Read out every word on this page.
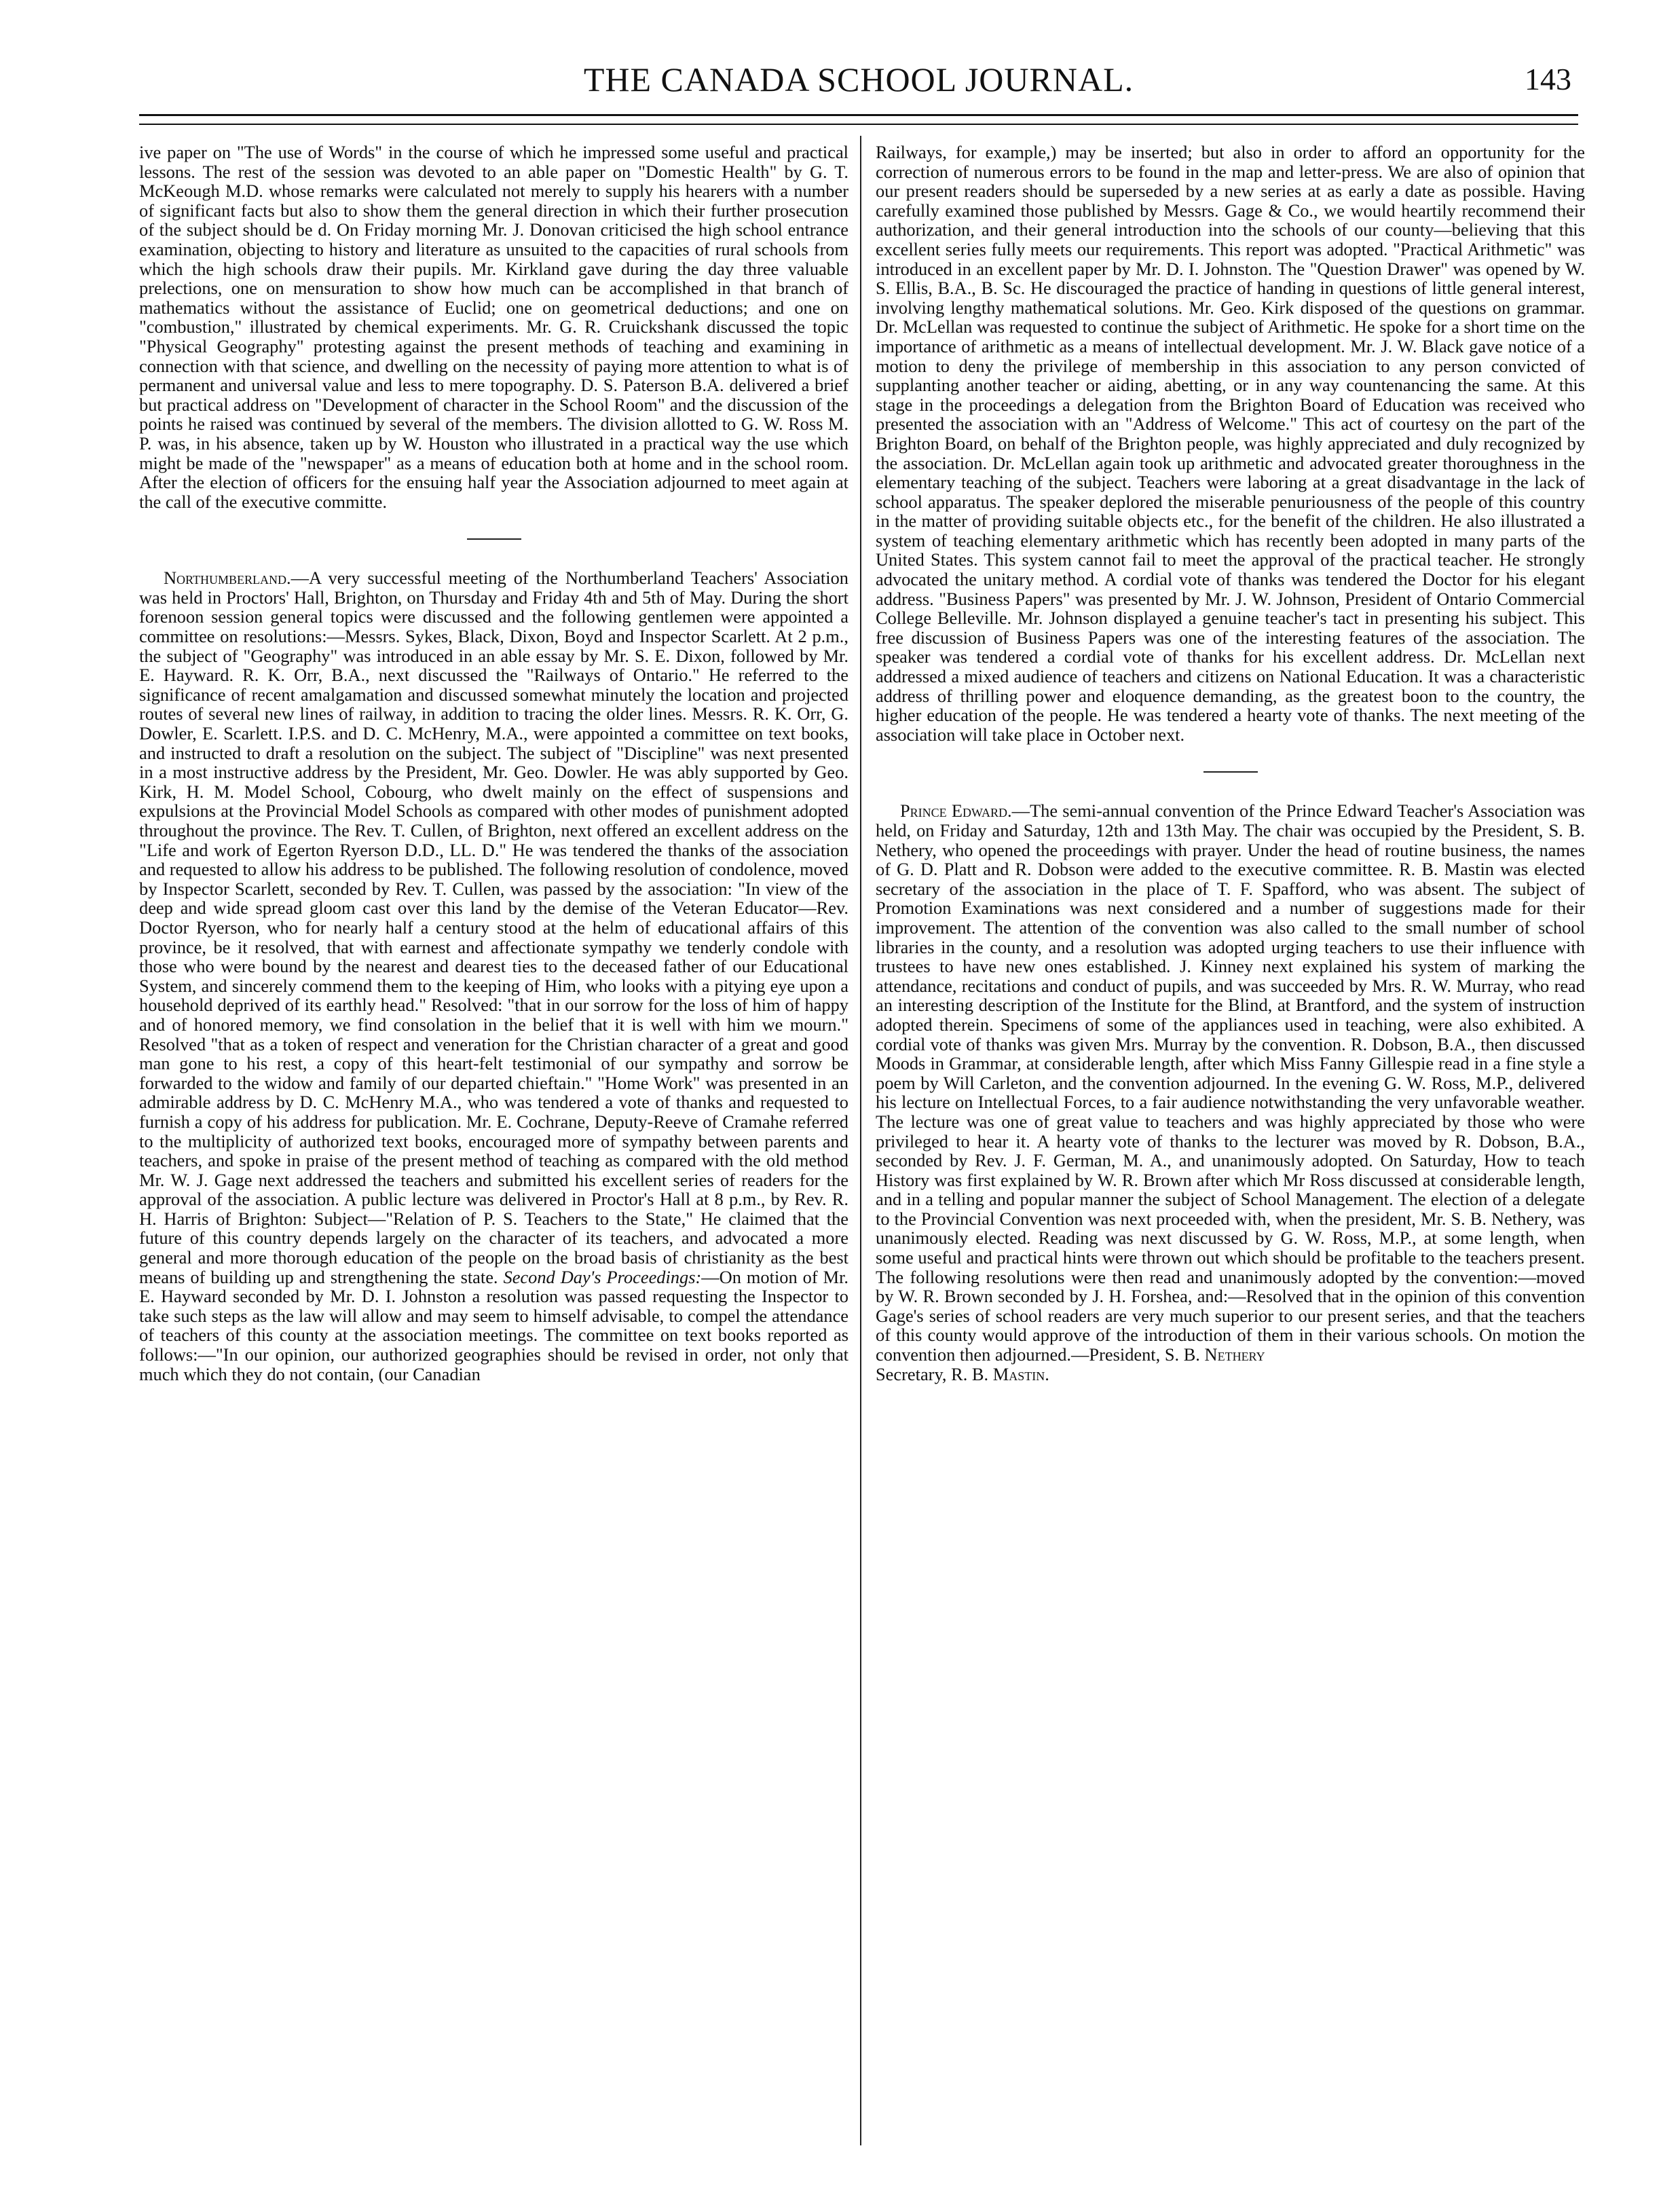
THE CANADA SCHOOL JOURNAL.	143

ive paper on "The use of Words" in the course of which he impressed some useful and practical lessons. The rest of the session was devoted to an able paper on "Domestic Health" by G. T. McKeough M.D. whose remarks were calculated not merely to supply his hearers with a number of significant facts but also to show them the general direction in which their further prosecution of the subject should be d. On Friday morning Mr. J. Donovan criticised the high school entrance examination, objecting to history and literature as unsuited to the capacities of rural schools from which the high schools draw their pupils. Mr. Kirkland gave during the day three valuable prelections, one on mensuration to show how much can be accomplished in that branch of mathematics without the assistance of Euclid; one on geometrical deductions; and one on "combustion," illustrated by chemical experiments. Mr. G. R. Cruickshank discussed the topic "Physical Geography" protesting against the present methods of teaching and examining in connection with that science, and dwelling on the necessity of paying more attention to what is of permanent and universal value and less to mere topography. D. S. Paterson B.A. delivered a brief but practical address on "Development of character in the School Room" and the discussion of the points he raised was continued by several of the members. The division allotted to G. W. Ross M. P. was, in his absence, taken up by W. Houston who illustrated in a practical way the use which might be made of the "newspaper" as a means of education both at home and in the school room. After the election of officers for the ensuing half year the Association adjourned to meet again at the call of the executive committe.

Northumberland.—A very successful meeting of the Northumberland Teachers' Association was held in Proctors' Hall, Brighton, on Thursday and Friday 4th and 5th of May. During the short forenoon session general topics were discussed and the following gentlemen were appointed a committee on resolutions:—Messrs. Sykes, Black, Dixon, Boyd and Inspector Scarlett. At 2 p.m., the subject of "Geography" was introduced in an able essay by Mr. S. E. Dixon, followed by Mr. E. Hayward. R. K. Orr, B.A., next discussed the "Railways of Ontario." He referred to the significance of recent amalgamation and discussed somewhat minutely the location and projected routes of several new lines of railway, in addition to tracing the older lines. Messrs. R. K. Orr, G. Dowler, E. Scarlett. I.P.S. and D. C. McHenry, M.A., were appointed a committee on text books, and instructed to draft a resolution on the subject. The subject of "Discipline" was next presented in a most instructive address by the President, Mr. Geo. Dowler. He was ably supported by Geo. Kirk, H. M. Model School, Cobourg, who dwelt mainly on the effect of suspensions and expulsions at the Provincial Model Schools as compared with other modes of punishment adopted throughout the province. The Rev. T. Cullen, of Brighton, next offered an excellent address on the "Life and work of Egerton Ryerson D.D., LL. D." He was tendered the thanks of the association and requested to allow his address to be published. The following resolution of condolence, moved by Inspector Scarlett, seconded by Rev. T. Cullen, was passed by the association: "In view of the deep and wide spread gloom cast over this land by the demise of the Veteran Educator—Rev. Doctor Ryerson, who for nearly half a century stood at the helm of educational affairs of this province, be it resolved, that with earnest and affectionate sympathy we tenderly condole with those who were bound by the nearest and dearest ties to the deceased father of our Educational System, and sincerely commend them to the keeping of Him, who looks with a pitying eye upon a household deprived of its earthly head." Resolved: "that in our sorrow for the loss of him of happy and of honored memory, we find consolation in the belief that it is well with him we mourn." Resolved "that as a token of respect and veneration for the Christian character of a great and good man gone to his rest, a copy of this heart-felt testimonial of our sympathy and sorrow be forwarded to the widow and family of our departed chieftain." "Home Work" was presented in an admirable address by D. C. McHenry M.A., who was tendered a vote of thanks and requested to furnish a copy of his address for publication. Mr. E. Cochrane, Deputy-Reeve of Cramahe referred to the multiplicity of authorized text books, encouraged more of sympathy between parents and teachers, and spoke in praise of the present method of teaching as compared with the old method Mr. W. J. Gage next addressed the teachers and submitted his excellent series of readers for the approval of the association. A public lecture was delivered in Proctor's Hall at 8 p.m., by Rev. R. H. Harris of Brighton: Subject—"Relation of P. S. Teachers to the State," He claimed that the future of this country depends largely on the character of its teachers, and advocated a more general and more thorough education of the people on the broad basis of christianity as the best means of building up and strengthening the state. Second Day's Proceedings:—On motion of Mr. E. Hayward seconded by Mr. D. I. Johnston a resolution was passed requesting the Inspector to take such steps as the law will allow and may seem to himself advisable, to compel the attendance of teachers of this county at the association meetings. The committee on text books reported as follows:—"In our opinion, our authorized geographies should be revised in order, not only that much which they do not contain, (our Canadian

Railways, for example,) may be inserted; but also in order to afford an opportunity for the correction of numerous errors to be found in the map and letter-press. We are also of opinion that our present readers should be superseded by a new series at as early a date as possible. Having carefully examined those published by Messrs. Gage & Co., we would heartily recommend their authorization, and their general introduction into the schools of our county—believing that this excellent series fully meets our requirements. This report was adopted. "Practical Arithmetic" was introduced in an excellent paper by Mr. D. I. Johnston. The "Question Drawer" was opened by W. S. Ellis, B.A., B. Sc. He discouraged the practice of handing in questions of little general interest, involving lengthy mathematical solutions. Mr. Geo. Kirk disposed of the questions on grammar. Dr. McLellan was requested to continue the subject of Arithmetic. He spoke for a short time on the importance of arithmetic as a means of intellectual development. Mr. J. W. Black gave notice of a motion to deny the privilege of membership in this association to any person convicted of supplanting another teacher or aiding, abetting, or in any way countenancing the same. At this stage in the proceedings a delegation from the Brighton Board of Education was received who presented the association with an "Address of Welcome." This act of courtesy on the part of the Brighton Board, on behalf of the Brighton people, was highly appreciated and duly recognized by the association. Dr. McLellan again took up arithmetic and advocated greater thoroughness in the elementary teaching of the subject. Teachers were laboring at a great disadvantage in the lack of school apparatus. The speaker deplored the miserable penuriousness of the people of this country in the matter of providing suitable objects etc., for the benefit of the children. He also illustrated a system of teaching elementary arithmetic which has recently been adopted in many parts of the United States. This system cannot fail to meet the approval of the practical teacher. He strongly advocated the unitary method. A cordial vote of thanks was tendered the Doctor for his elegant address. "Business Papers" was presented by Mr. J. W. Johnson, President of Ontario Commercial College Belleville. Mr. Johnson displayed a genuine teacher's tact in presenting his subject. This free discussion of Business Papers was one of the interesting features of the association. The speaker was tendered a cordial vote of thanks for his excellent address. Dr. McLellan next addressed a mixed audience of teachers and citizens on National Education. It was a characteristic address of thrilling power and eloquence demanding, as the greatest boon to the country, the higher education of the people. He was tendered a hearty vote of thanks. The next meeting of the association will take place in October next.

Prince Edward.—The semi-annual convention of the Prince Edward Teacher's Association was held, on Friday and Saturday, 12th and 13th May. The chair was occupied by the President, S. B. Nethery, who opened the proceedings with prayer. Under the head of routine business, the names of G. D. Platt and R. Dobson were added to the executive committee. R. B. Mastin was elected secretary of the association in the place of T. F. Spafford, who was absent. The subject of Promotion Examinations was next considered and a number of suggestions made for their improvement. The attention of the convention was also called to the small number of school libraries in the county, and a resolution was adopted urging teachers to use their influence with trustees to have new ones established. J. Kinney next explained his system of marking the attendance, recitations and conduct of pupils, and was succeeded by Mrs. R. W. Murray, who read an interesting description of the Institute for the Blind, at Brantford, and the system of instruction adopted therein. Specimens of some of the appliances used in teaching, were also exhibited. A cordial vote of thanks was given Mrs. Murray by the convention. R. Dobson, B.A., then discussed Moods in Grammar, at considerable length, after which Miss Fanny Gillespie read in a fine style a poem by Will Carleton, and the convention adjourned. In the evening G. W. Ross, M.P., delivered his lecture on Intellectual Forces, to a fair audience notwithstanding the very unfavorable weather. The lecture was one of great value to teachers and was highly appreciated by those who were privileged to hear it. A hearty vote of thanks to the lecturer was moved by R. Dobson, B.A., seconded by Rev. J. F. German, M. A., and unanimously adopted. On Saturday, How to teach History was first explained by W. R. Brown after which Mr Ross discussed at considerable length, and in a telling and popular manner the subject of School Management. The election of a delegate to the Provincial Convention was next proceeded with, when the president, Mr. S. B. Nethery, was unanimously elected. Reading was next discussed by G. W. Ross, M.P., at some length, when some useful and practical hints were thrown out which should be profitable to the teachers present. The following resolutions were then read and unanimously adopted by the convention:—moved by W. R. Brown seconded by J. H. Forshea, and:—Resolved that in the opinion of this convention Gage's series of school readers are very much superior to our present series, and that the teachers of this county would approve of the introduction of them in their various schools. On motion the convention then adjourned.—President, S. B. Nethery
Secretary, R. B. Mastin.
